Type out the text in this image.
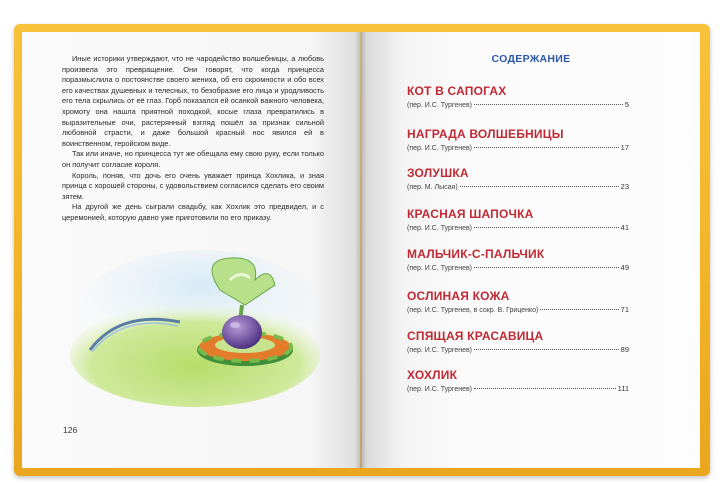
Иные историки утверждают, что не чародейство волшебницы, а любовь произвела это превращение. Они говорят, что когда принцесса поразмыслила о постоянстве своего жениха, об его скромности и обо всех его качествах душевных и телесных, то безобразие его лица и уродливость его тела скрылись от её глаз. Горб показался ей осанкой важного человека, хромоту она нашла приятной походкой, косые глаза превратились в выразительные очи, растерянный взгляд пошёл за признак сильной любовной страсти, и даже большой красный нос явился ей в воинственном, геройском виде.

Так или иначе, но принцесса тут же обещала ему свою руку, если только он получит согласие короля.

Король, поняв, что дочь его очень уважает принца Хохлика, и зная принца с хорошей стороны, с удовольствием согласился сделать его своим зятем.

На другой же день сыграли свадьбу, как Хохлик это предвидел, и с церемонией, которую давно уже приготовили по его приказу.

126
СОДЕРЖАНИЕ
КОТ В САПОГАХ
(пер. И.С. Тургенев)	5
НАГРАДА ВОЛШЕБНИЦЫ
(пер. И.С. Тургенев)	17
ЗОЛУШКА
(пер. М. Лысая)	23
КРАСНАЯ ШАПОЧКА
(пер. И.С. Тургенев)	41
МАЛЬЧИК-С-ПАЛЬЧИК
(пер. И.С. Тургенев)	49
ОСЛИНАЯ КОЖА
(пер. И.С. Тургенев, в сокр. В. Гриценко)	71
СПЯЩАЯ КРАСАВИЦА
(пер. И.С. Тургенев)	89
ХОХЛИК
(пер. И.С. Тургенев)	111
